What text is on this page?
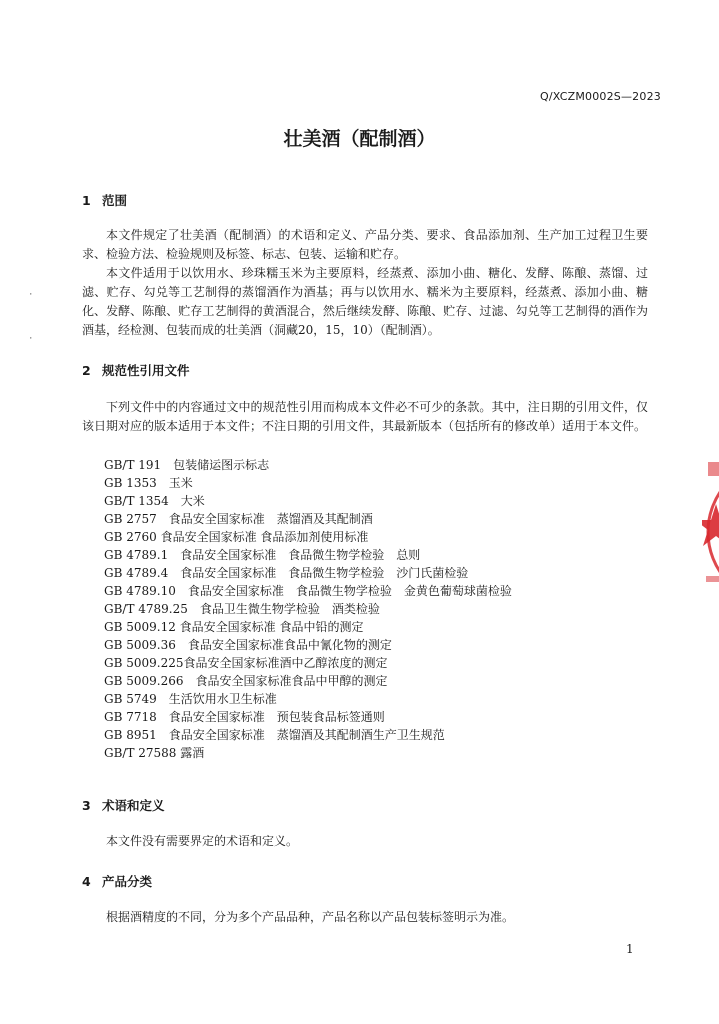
Q/XCZM0002S—2023
壮美酒（配制酒）
1 范围

本文件规定了壮美酒（配制酒）的术语和定义、产品分类、要求、食品添加剂、生产加工过程卫生要求、检验方法、检验规则及标签、标志、包装、运输和贮存。

本文件适用于以饮用水、珍珠糯玉米为主要原料，经蒸煮、添加小曲、糖化、发酵、陈酿、蒸馏、过滤、贮存、勾兑等工艺制得的蒸馏酒作为酒基；再与以饮用水、糯米为主要原料，经蒸煮、添加小曲、糖化、发酵、陈酿、贮存工艺制得的黄酒混合，然后继续发酵、陈酿、贮存、过滤、勾兑等工艺制得的酒作为酒基，经检测、包装而成的壮美酒（洞藏20，15，10）（配制酒）。

2 规范性引用文件

下列文件中的内容通过文中的规范性引用而构成本文件必不可少的条款。其中，注日期的引用文件，仅该日期对应的版本适用于本文件；不注日期的引用文件，其最新版本（包括所有的修改单）适用于本文件。

GB/T 191　包装储运图示标志
GB 1353　玉米
GB/T 1354　大米
GB 2757　食品安全国家标准　蒸馏酒及其配制酒
GB 2760 食品安全国家标准 食品添加剂使用标准
GB 4789.1　食品安全国家标准　食品微生物学检验　总则
GB 4789.4　食品安全国家标准　食品微生物学检验　沙门氏菌检验
GB 4789.10　食品安全国家标准　食品微生物学检验　金黄色葡萄球菌检验
GB/T 4789.25　食品卫生微生物学检验　酒类检验
GB 5009.12 食品安全国家标准 食品中铅的测定
GB 5009.36　食品安全国家标准食品中氰化物的测定
GB 5009.225食品安全国家标准酒中乙醇浓度的测定
GB 5009.266　食品安全国家标准食品中甲醇的测定
GB 5749　生活饮用水卫生标准
GB 7718　食品安全国家标准　预包装食品标签通则
GB 8951　食品安全国家标准　蒸馏酒及其配制酒生产卫生规范
GB/T 27588 露酒
3 术语和定义

本文件没有需要界定的术语和定义。

4 产品分类

根据酒精度的不同，分为多个产品品种，产品名称以产品包装标签明示为准。

1
˙
˙
